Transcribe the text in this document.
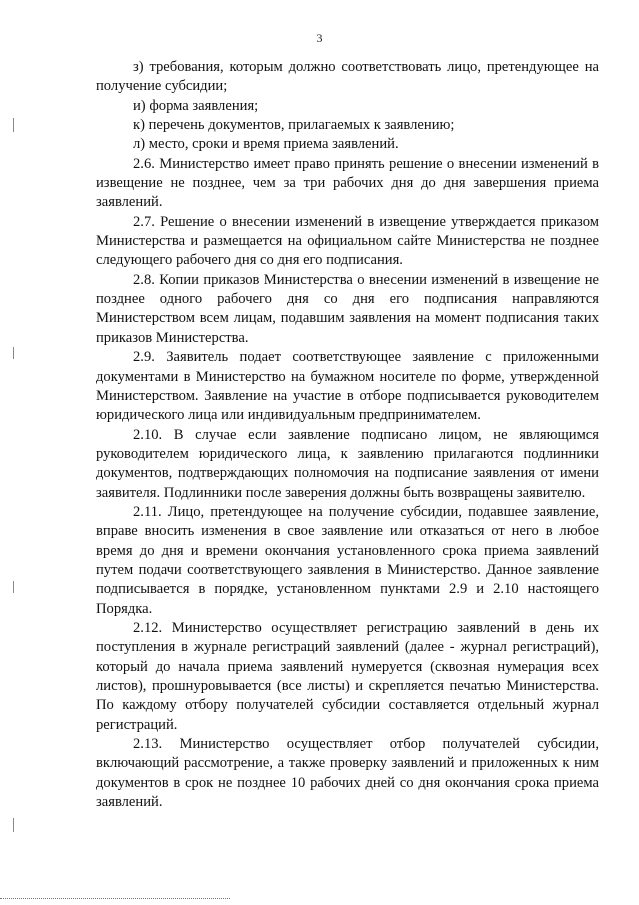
3

з) требования, которым должно соответствовать лицо, претендующее на получение субсидии;

и) форма заявления;

к) перечень документов, прилагаемых к заявлению;

л) место, сроки и время приема заявлений.

2.6. Министерство имеет право принять решение о внесении изменений в извещение не позднее, чем за три рабочих дня до дня завершения приема заявлений.

2.7. Решение о внесении изменений в извещение утверждается приказом Министерства и размещается на официальном сайте Министерства не позднее следующего рабочего дня со дня его подписания.

2.8. Копии приказов Министерства о внесении изменений в извещение не позднее одного рабочего дня со дня его подписания направляются Министерством всем лицам, подавшим заявления на момент подписания таких приказов Министерства.

2.9. Заявитель подает соответствующее заявление с приложенными документами в Министерство на бумажном носителе по форме, утвержденной Министерством. Заявление на участие в отборе подписывается руководителем юридического лица или индивидуальным предпринимателем.

2.10. В случае если заявление подписано лицом, не являющимся руководителем юридического лица, к заявлению прилагаются подлинники документов, подтверждающих полномочия на подписание заявления от имени заявителя. Подлинники после заверения должны быть возвращены заявителю.

2.11. Лицо, претендующее на получение субсидии, подавшее заявление, вправе вносить изменения в свое заявление или отказаться от него в любое время до дня и времени окончания установленного срока приема заявлений путем подачи соответствующего заявления в Министерство. Данное заявление подписывается в порядке, установленном пунктами 2.9 и 2.10 настоящего Порядка.

2.12. Министерство осуществляет регистрацию заявлений в день их поступления в журнале регистраций заявлений (далее - журнал регистраций), который до начала приема заявлений нумеруется (сквозная нумерация всех листов), прошнуровывается (все листы) и скрепляется печатью Министерства. По каждому отбору получателей субсидии составляется отдельный журнал регистраций.

2.13. Министерство осуществляет отбор получателей субсидии, включающий рассмотрение, а также проверку заявлений и приложенных к ним документов в срок не позднее 10 рабочих дней со дня окончания срока приема заявлений.
